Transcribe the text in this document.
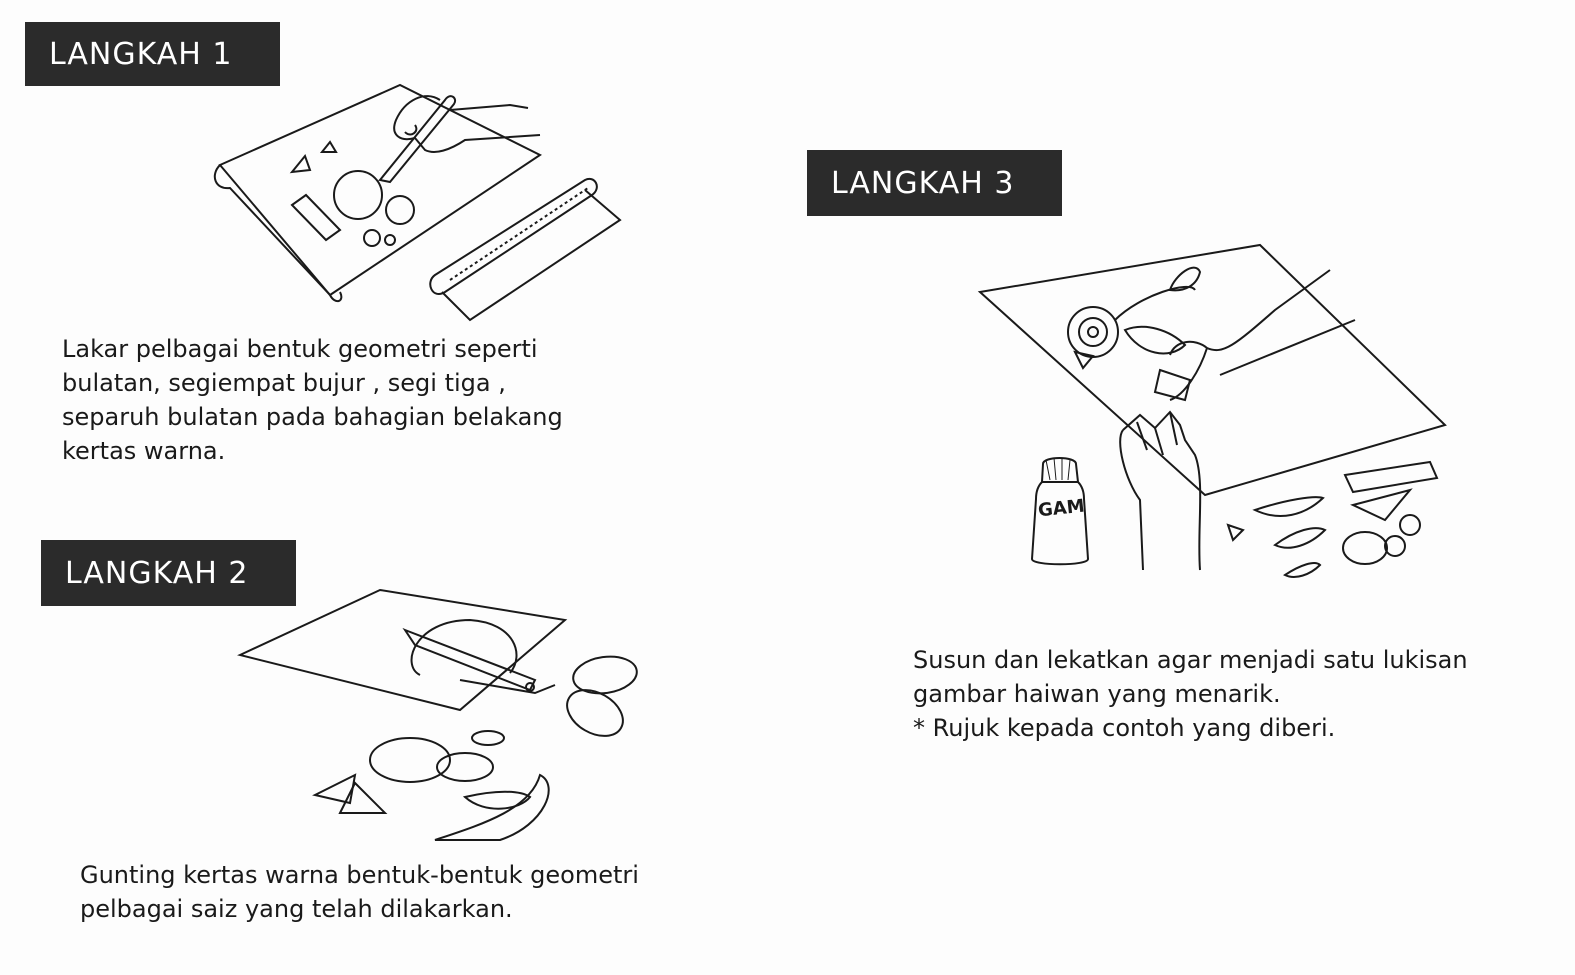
LANGKAH 1
Lakar pelbagai bentuk geometri seperti
bulatan, segiempat bujur , segi tiga ,
separuh bulatan pada bahagian belakang
kertas warna.
LANGKAH 2
Gunting kertas warna bentuk-bentuk geometri
pelbagai saiz yang telah dilakarkan.
LANGKAH 3
GAM
Susun dan lekatkan agar menjadi satu lukisan
gambar haiwan yang menarik.
* Rujuk kepada contoh yang diberi.
